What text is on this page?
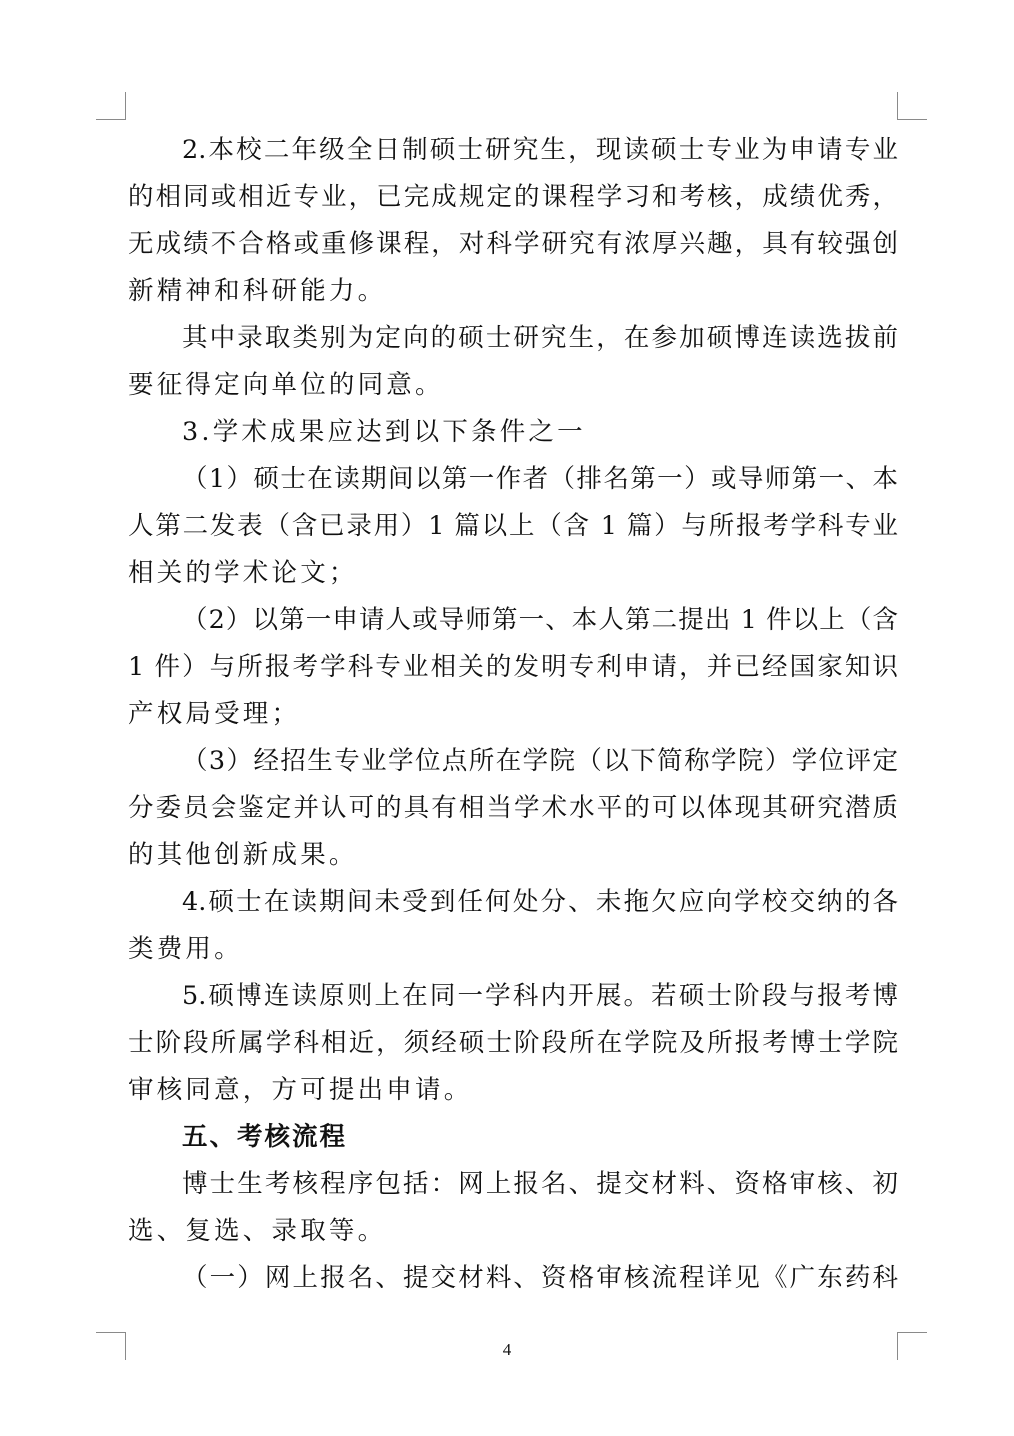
2.本校二年级全日制硕士研究生，现读硕士专业为申请专业
的相同或相近专业，已完成规定的课程学习和考核，成绩优秀，
无成绩不合格或重修课程，对科学研究有浓厚兴趣，具有较强创
新精神和科研能力。
其中录取类别为定向的硕士研究生，在参加硕博连读选拔前
要征得定向单位的同意。
3.学术成果应达到以下条件之一
（1）硕士在读期间以第一作者（排名第一）或导师第一、本
人第二发表（含已录用）1 篇以上（含 1 篇）与所报考学科专业
相关的学术论文；
（2）以第一申请人或导师第一、本人第二提出 1 件以上（含
1 件）与所报考学科专业相关的发明专利申请，并已经国家知识
产权局受理；
（3）经招生专业学位点所在学院（以下简称学院）学位评定
分委员会鉴定并认可的具有相当学术水平的可以体现其研究潜质
的其他创新成果。
4.硕士在读期间未受到任何处分、未拖欠应向学校交纳的各
类费用。
5.硕博连读原则上在同一学科内开展。若硕士阶段与报考博
士阶段所属学科相近，须经硕士阶段所在学院及所报考博士学院
审核同意，方可提出申请。
五、考核流程
博士生考核程序包括：网上报名、提交材料、资格审核、初
选、复选、录取等。
（一）网上报名、提交材料、资格审核流程详见《广东药科
4
